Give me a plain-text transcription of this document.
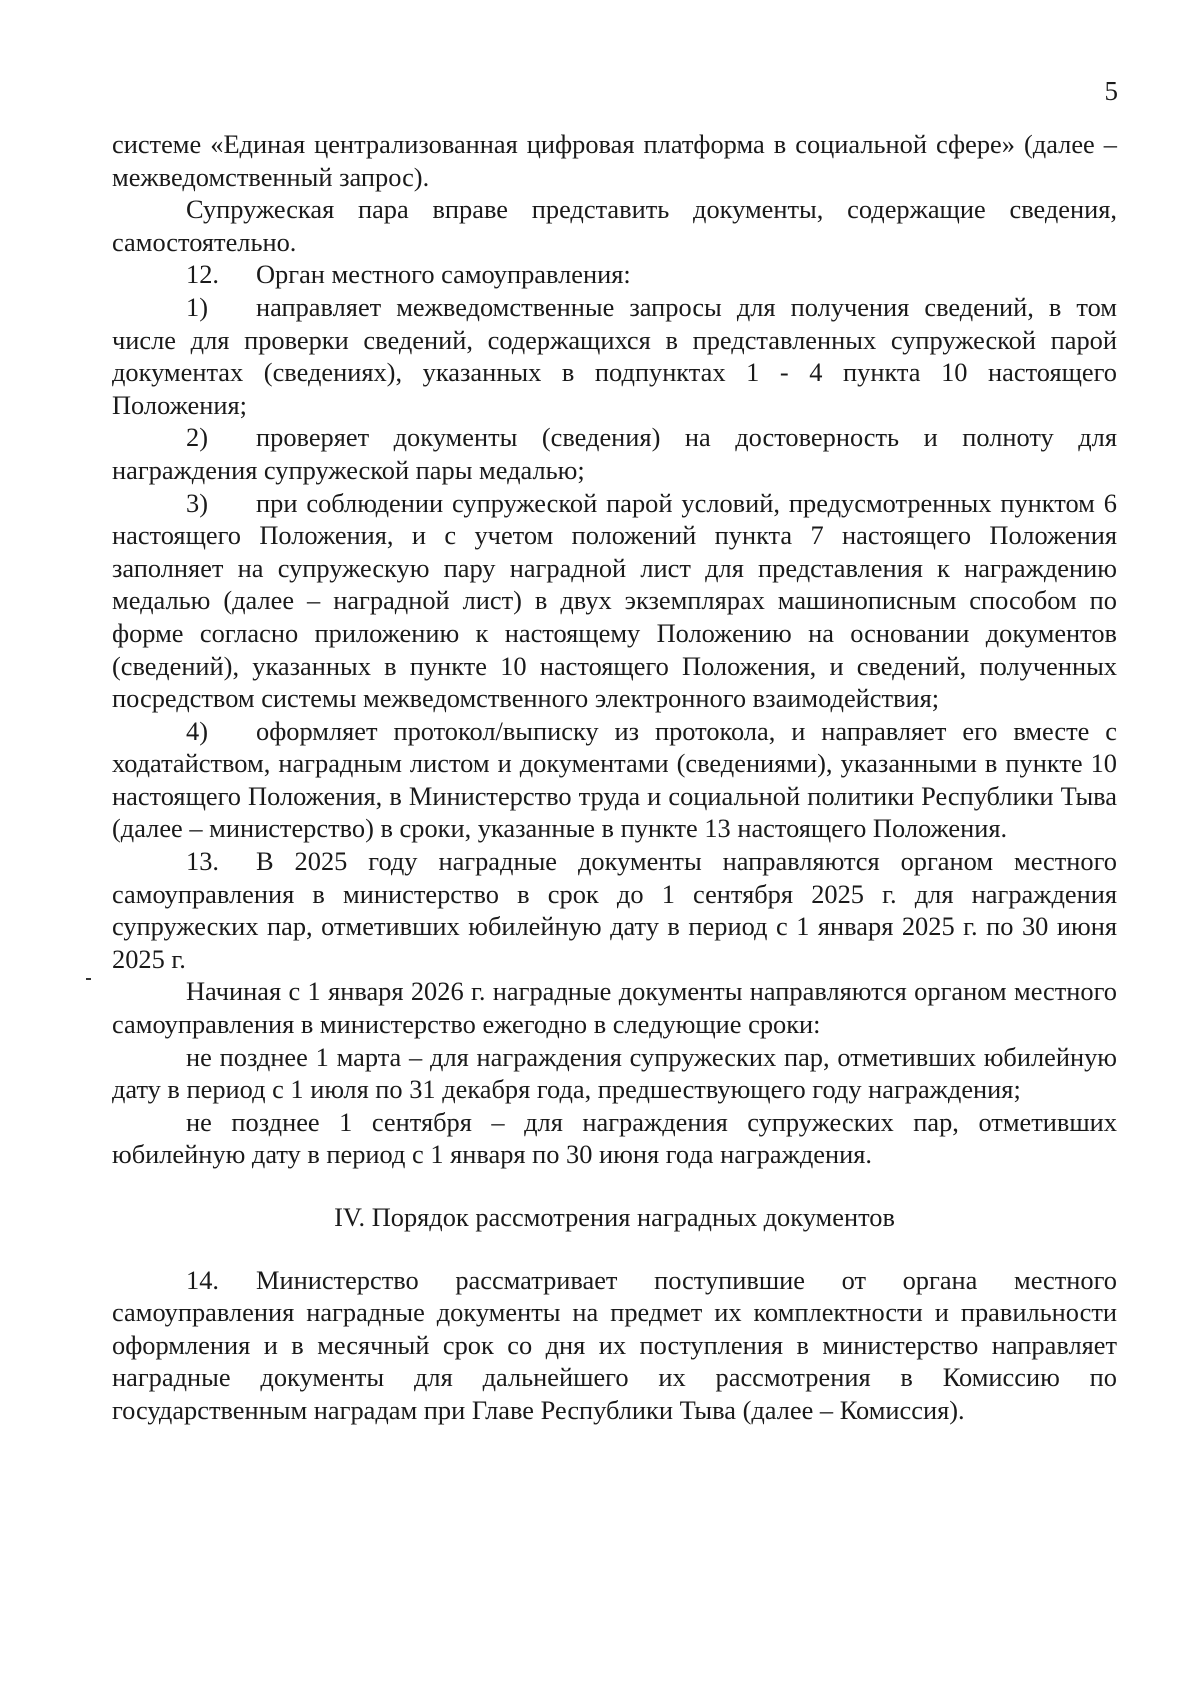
5

системе «Единая централизованная цифровая платформа в социальной сфере» (далее – межведомственный запрос).

Супружеская пара вправе представить документы, содержащие сведения, самостоятельно.

12. Орган местного самоуправления:

1) направляет межведомственные запросы для получения сведений, в том числе для проверки сведений, содержащихся в представленных супружеской парой документах (сведениях), указанных в подпунктах 1 - 4 пункта 10 настоящего Положения;

2) проверяет документы (сведения) на достоверность и полноту для награждения супружеской пары медалью;

3) при соблюдении супружеской парой условий, предусмотренных пунктом 6 настоящего Положения, и с учетом положений пункта 7 настоящего Положения заполняет на супружескую пару наградной лист для представления к награждению медалью (далее – наградной лист) в двух экземплярах машинописным способом по форме согласно приложению к настоящему Положению на основании документов (сведений), указанных в пункте 10 настоящего Положения, и сведений, полученных посредством системы межведомственного электронного взаимодействия;

4) оформляет протокол/выписку из протокола, и направляет его вместе с ходатайством, наградным листом и документами (сведениями), указанными в пункте 10 настоящего Положения, в Министерство труда и социальной политики Республики Тыва (далее – министерство) в сроки, указанные в пункте 13 настоящего Положения.

13. В 2025 году наградные документы направляются органом местного самоуправления в министерство в срок до 1 сентября 2025 г. для награждения супружеских пар, отметивших юбилейную дату в период с 1 января 2025 г. по 30 июня 2025 г.

Начиная с 1 января 2026 г. наградные документы направляются органом местного самоуправления в министерство ежегодно в следующие сроки:

не позднее 1 марта – для награждения супружеских пар, отметивших юбилейную дату в период с 1 июля по 31 декабря года, предшествующего году награждения;

не позднее 1 сентября – для награждения супружеских пар, отметивших юбилейную дату в период с 1 января по 30 июня года награждения.

IV. Порядок рассмотрения наградных документов

14. Министерство рассматривает поступившие от органа местного самоуправления наградные документы на предмет их комплектности и правильности оформления и в месячный срок со дня их поступления в министерство направляет наградные документы для дальнейшего их рассмотрения в Комиссию по государственным наградам при Главе Республики Тыва (далее – Комиссия).
